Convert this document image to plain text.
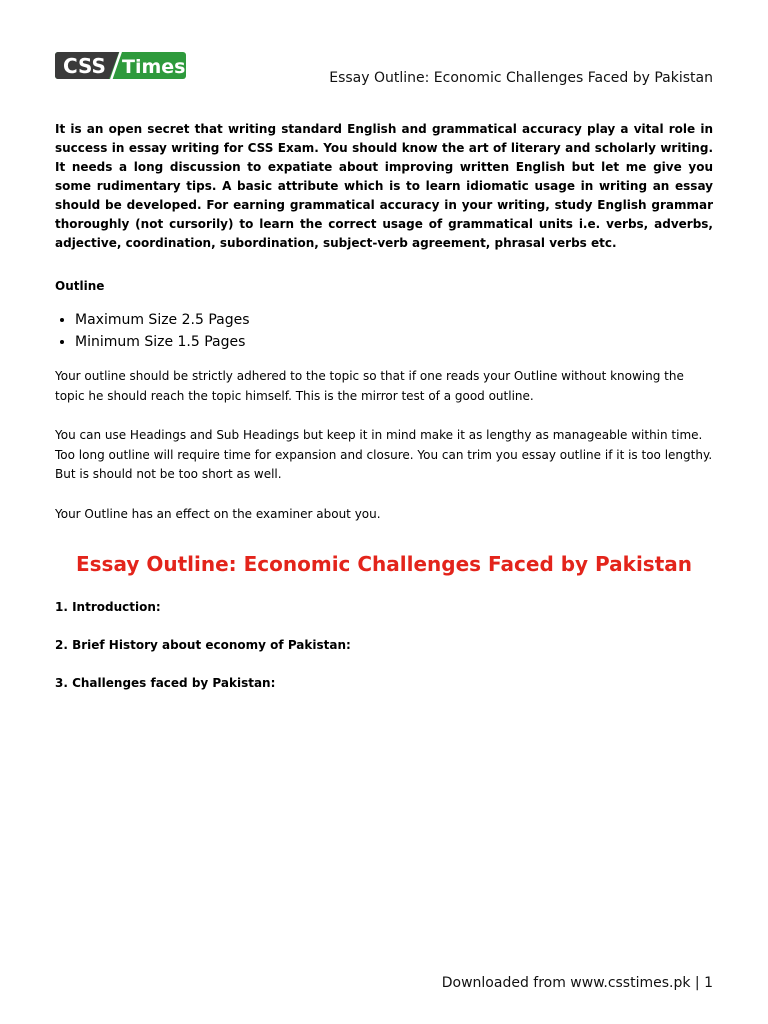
CSS Times	Essay Outline: Economic Challenges Faced by Pakistan

It is an open secret that writing standard English and grammatical accuracy play a vital role in success in essay writing for CSS Exam. You should know the art of literary and scholarly writing. It needs a long discussion to expatiate about improving written English but let me give you some rudimentary tips. A basic attribute which is to learn idiomatic usage in writing an essay should be developed. For earning grammatical accuracy in your writing, study English grammar thoroughly (not cursorily) to learn the correct usage of grammatical units i.e. verbs, adverbs, adjective, coordination, subordination, subject-verb agreement, phrasal verbs etc.

Outline

• Maximum Size 2.5 Pages
• Minimum Size 1.5 Pages

Your outline should be strictly adhered to the topic so that if one reads your Outline without knowing the topic he should reach the topic himself. This is the mirror test of a good outline.

You can use Headings and Sub Headings but keep it in mind make it as lengthy as manageable within time. Too long outline will require time for expansion and closure. You can trim you essay outline if it is too lengthy. But is should not be too short as well.

Your Outline has an effect on the examiner about you.

Essay Outline: Economic Challenges Faced by Pakistan

1. Introduction:

2. Brief History about economy of Pakistan:

3. Challenges faced by Pakistan:

Downloaded from www.csstimes.pk | 1
